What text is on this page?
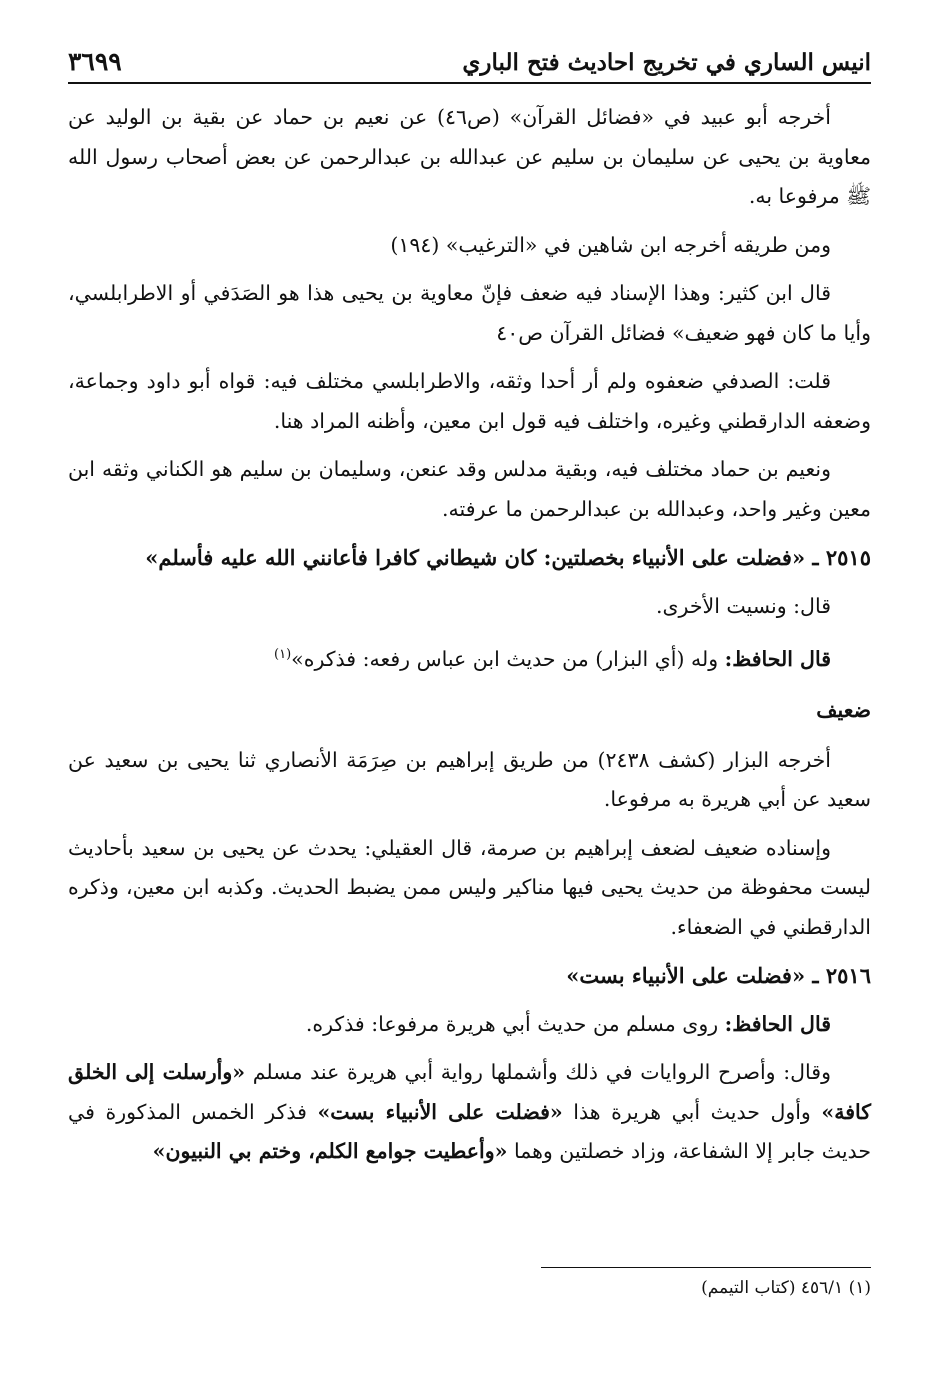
٣٦٩٩	انيس الساري في تخريج احاديث فتح الباري

أخرجه أبو عبيد في «فضائل القرآن» (ص٤٦) عن نعيم بن حماد عن بقية بن الوليد عن معاوية بن يحيى عن سليمان بن سليم عن عبدالله بن عبدالرحمن عن بعض أصحاب رسول الله ﷺ مرفوعا به.

ومن طريقه أخرجه ابن شاهين في «الترغيب» (١٩٤)

قال ابن كثير: وهذا الإسناد فيه ضعف فإنّ معاوية بن يحيى هذا هو الصَدَفي أو الاطرابلسي، وأيا ما كان فهو ضعيف» فضائل القرآن ص٤٠

قلت: الصدفي ضعفوه ولم أر أحدا وثقه، والاطرابلسي مختلف فيه: قواه أبو داود وجماعة، وضعفه الدارقطني وغيره، واختلف فيه قول ابن معين، وأظنه المراد هنا.

ونعيم بن حماد مختلف فيه، وبقية مدلس وقد عنعن، وسليمان بن سليم هو الكناني وثقه ابن معين وغير واحد، وعبدالله بن عبدالرحمن ما عرفته.

٢٥١٥ ـ «فضلت على الأنبياء بخصلتين: كان شيطاني كافرا فأعانني الله عليه فأسلم»

قال: ونسيت الأخرى.

قال الحافظ: وله (أي البزار) من حديث ابن عباس رفعه: فذكره»$^{(١)}$

ضعيف

أخرجه البزار (كشف ٢٤٣٨) من طريق إبراهيم بن صِرَمَة الأنصاري ثنا يحيى بن سعيد عن سعيد عن أبي هريرة به مرفوعا.

وإسناده ضعيف لضعف إبراهيم بن صرمة، قال العقيلي: يحدث عن يحيى بن سعيد بأحاديث ليست محفوظة من حديث يحيى فيها مناكير وليس ممن يضبط الحديث. وكذبه ابن معين، وذكره الدارقطني في الضعفاء.

٢٥١٦ ـ «فضلت على الأنبياء بست»

قال الحافظ: روى مسلم من حديث أبي هريرة مرفوعا: فذكره.

وقال: وأصرح الروايات في ذلك وأشملها رواية أبي هريرة عند مسلم «وأرسلت إلى الخلق كافة» وأول حديث أبي هريرة هذا «فضلت على الأنبياء بست» فذكر الخمس المذكورة في حديث جابر إلا الشفاعة، وزاد خصلتين وهما «وأعطيت جوامع الكلم، وختم بي النبيون»

(١) ٤٥٦/١ (كتاب التيمم)
